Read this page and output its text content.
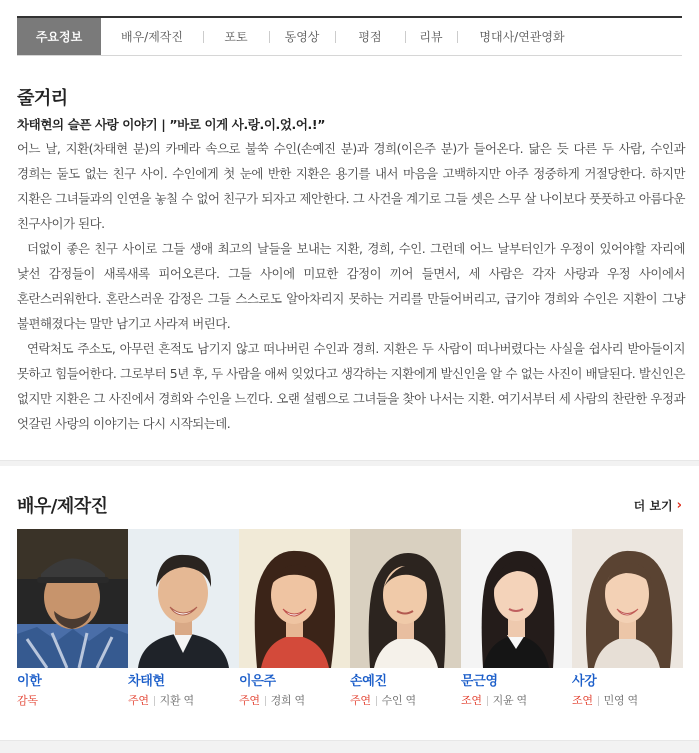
주요정보	배우/제작진	포토	동영상	평점	리뷰	명대사/연관영화
줄거리
차태현의 슬픈 사랑 이야기 | ”바로 이게 사.랑.이.었.어.!”

어느 날, 지환(차태현 분)의 카메라 속으로 불쑥 수인(손예진 분)과 경희(이은주 분)가 들어온다. 닮은 듯 다른 두 사람, 수인과 경희는 둘도 없는 친구 사이. 수인에게 첫 눈에 반한 지환은 용기를 내서 마음을 고백하지만 아주 정중하게 거절당한다. 하지만 지환은 그녀들과의 인연을 놓칠 수 없어 친구가 되자고 제안한다. 그 사건을 계기로 그들 셋은 스무 살 나이보다 풋풋하고 아름다운 친구사이가 된다.

더없이 좋은 친구 사이로 그들 생애 최고의 날들을 보내는 지환, 경희, 수인. 그런데 어느 날부터인가 우정이 있어야할 자리에 낯선 감정들이 새록새록 피어오른다. 그들 사이에 미묘한 감정이 끼어 들면서, 세 사람은 각자 사랑과 우정 사이에서 혼란스러워한다. 혼란스러운 감정은 그들 스스로도 알아차리지 못하는 거리를 만들어버리고, 급기야 경희와 수인은 지환이 그냥 불편해졌다는 말만 남기고 사라져 버린다.

연락처도 주소도, 아무런 흔적도 남기지 않고 떠나버린 수인과 경희. 지환은 두 사람이 떠나버렸다는 사실을 쉽사리 받아들이지 못하고 힘들어한다. 그로부터 5년 후, 두 사람을 애써 잊었다고 생각하는 지환에게 발신인을 알 수 없는 사진이 배달된다. 발신인은 없지만 지환은 그 사진에서 경희와 수인을 느낀다. 오랜 설렘으로 그녀들을 찾아 나서는 지환. 여기서부터 세 사람의 찬란한 우정과 엇갈린 사랑의 이야기는 다시 시작되는데.

배우/제작진	더 보기 ›
이한
감독
차태현
주연 지환 역
이은주
주연 경희 역
손예진
주연 수인 역
문근영
조연 지윤 역
사강
조연 민영 역
